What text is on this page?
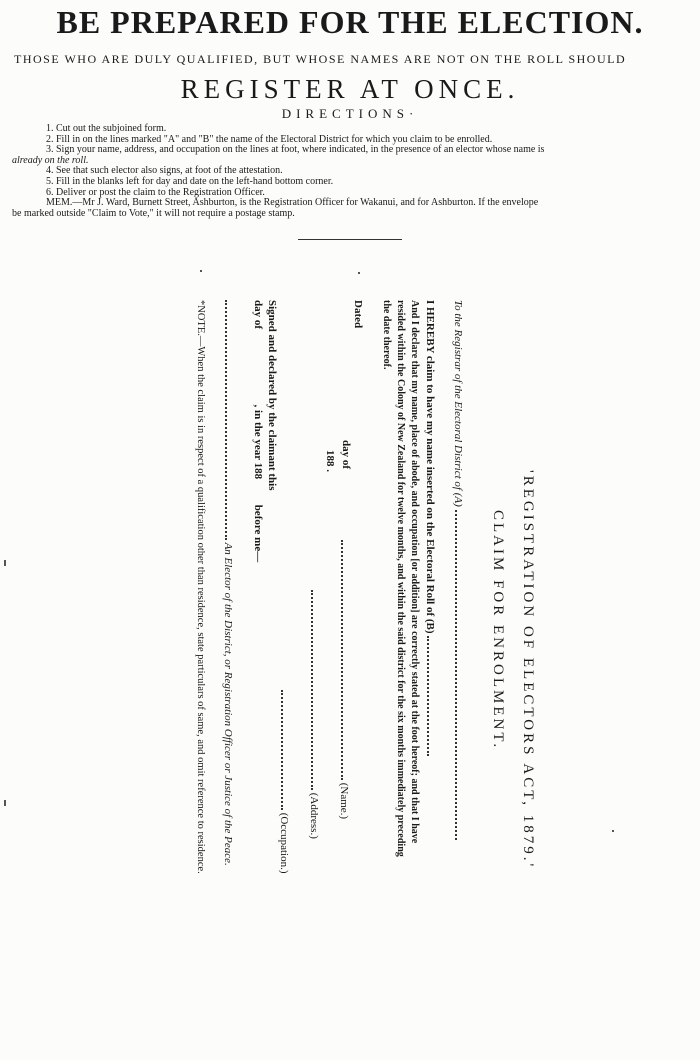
BE PREPARED FOR THE ELECTION.
THOSE WHO ARE DULY QUALIFIED, BUT WHOSE NAMES ARE NOT ON THE ROLL SHOULD
REGISTER AT ONCE.
DIRECTIONS·
1. Cut out the subjoined form.
2. Fill in on the lines marked "A" and "B" the name of the Electoral District for which you claim to be enrolled.
3. Sign your name, address, and occupation on the lines at foot, where indicated, in the presence of an elector whose name is
already on the roll.
4. See that such elector also signs, at foot of the attestation.
5. Fill in the blanks left for day and date on the left-hand bottom corner.
6. Deliver or post the claim to the Registration Officer.
MEM.—Mr J. Ward, Burnett Street, Ashburton, is the Registration Officer for Wakanui, and for Ashburton. If the envelope
be marked outside "Claim to Vote," it will not require a postage stamp.
'REGISTRATION OF ELECTORS ACT, 1879.'
CLAIM FOR ENROLMENT.
To the Registrar of the Electoral District of (A)
I HEREBY claim to have my name inserted on the Electoral Roll of (B)
And I declare that my name, place of abode, and occupation [or addition] are correctly stated at the foot hereof; and that I have
resided within the Colony of New Zealand for twelve months, and within the said district for the six months immediately preceding
the date thereof.
Dated
day of
188 .
(Name.)
(Address.)
(Occupation.)
Signed and declared by the claimant this
day of  , in the year 188  before me—
An Elector of the District, or Registration Officer or Justice of the Peace.
*NOTE.—When the claim is in respect of a qualification other than residence, state particulars of same, and omit reference to residence.
